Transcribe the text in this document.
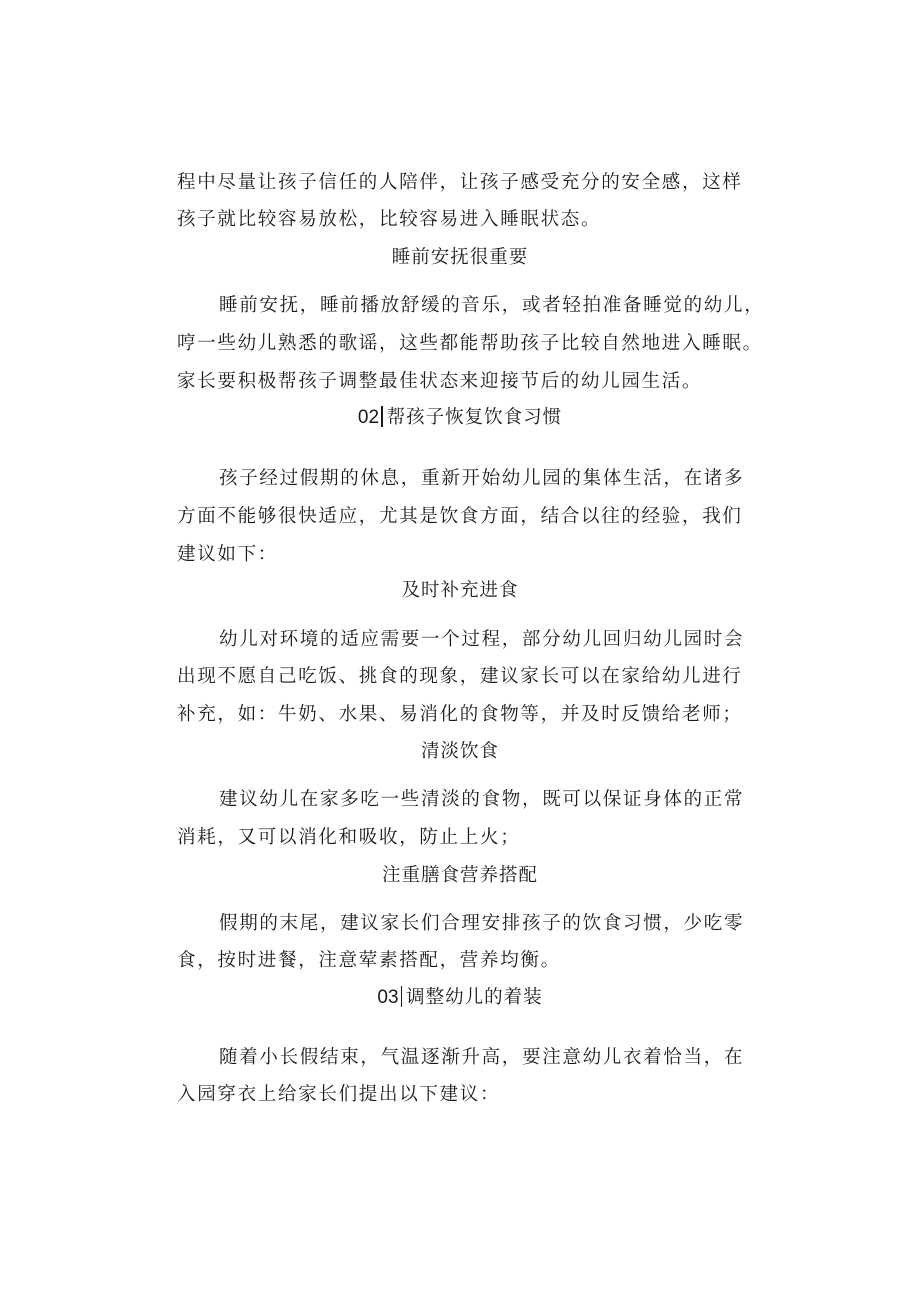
程中尽量让孩子信任的人陪伴，让孩子感受充分的安全感，这样
孩子就比较容易放松，比较容易进入睡眠状态。
睡前安抚很重要
睡前安抚，睡前播放舒缓的音乐，或者轻拍准备睡觉的幼儿，
哼一些幼儿熟悉的歌谣，这些都能帮助孩子比较自然地进入睡眠。
家长要积极帮孩子调整最佳状态来迎接节后的幼儿园生活。
02 帮孩子恢复饮食习惯
孩子经过假期的休息，重新开始幼儿园的集体生活，在诸多
方面不能够很快适应，尤其是饮食方面，结合以往的经验，我们
建议如下：
及时补充进食
幼儿对环境的适应需要一个过程，部分幼儿回归幼儿园时会
出现不愿自己吃饭、挑食的现象，建议家长可以在家给幼儿进行
补充，如：牛奶、水果、易消化的食物等，并及时反馈给老师；
清淡饮食
建议幼儿在家多吃一些清淡的食物，既可以保证身体的正常
消耗，又可以消化和吸收，防止上火；
注重膳食营养搭配
假期的末尾，建议家长们合理安排孩子的饮食习惯，少吃零
食，按时进餐，注意荤素搭配，营养均衡。
03 调整幼儿的着装
随着小长假结束，气温逐渐升高，要注意幼儿衣着恰当，在
入园穿衣上给家长们提出以下建议：
